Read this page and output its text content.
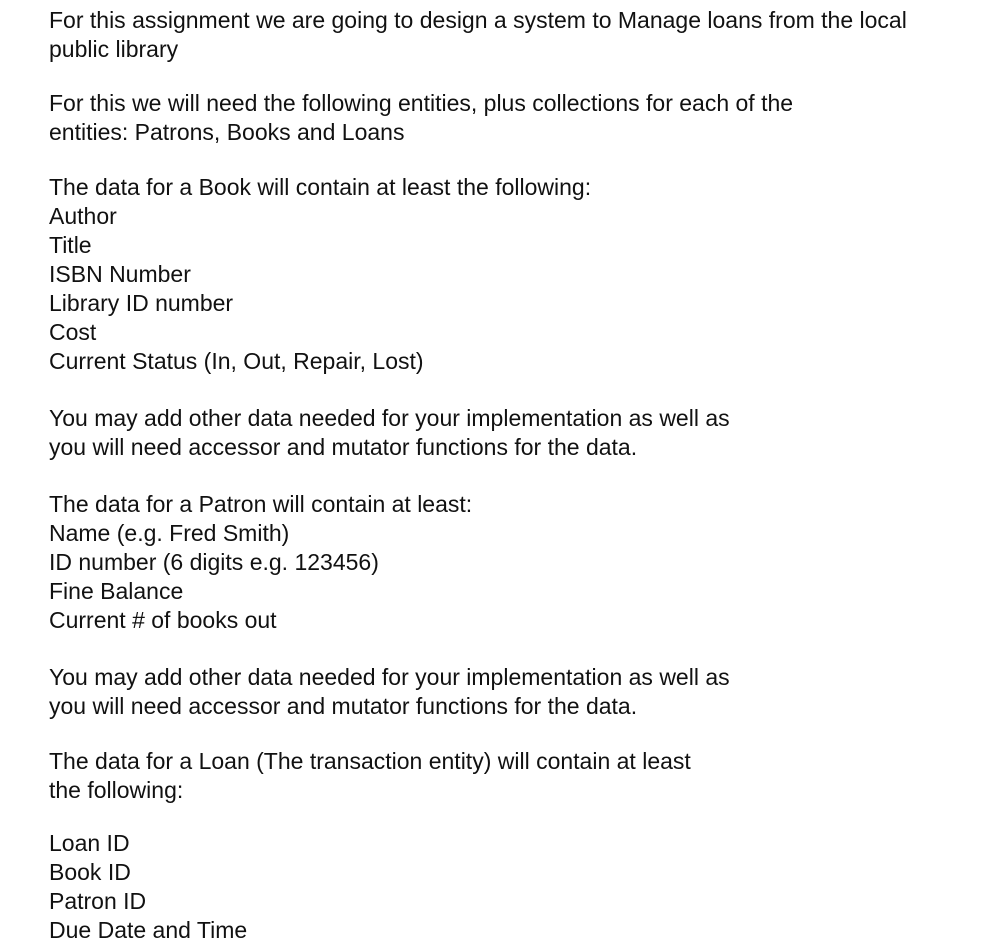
For this assignment we are going to design a system to Manage loans from the local
public library

For this we will need the following entities, plus collections for each of the
entities: Patrons, Books and Loans

The data for a Book will contain at least the following:
Author
Title
ISBN Number
Library ID number
Cost
Current Status (In, Out, Repair, Lost)

You may add other data needed for your implementation as well as
you will need accessor and mutator functions for the data.

The data for a Patron will contain at least:
Name (e.g. Fred Smith)
ID number (6 digits e.g. 123456)
Fine Balance
Current # of books out

You may add other data needed for your implementation as well as
you will need accessor and mutator functions for the data.

The data for a Loan (The transaction entity) will contain at least
the following:

Loan ID
Book ID
Patron ID
Due Date and Time
